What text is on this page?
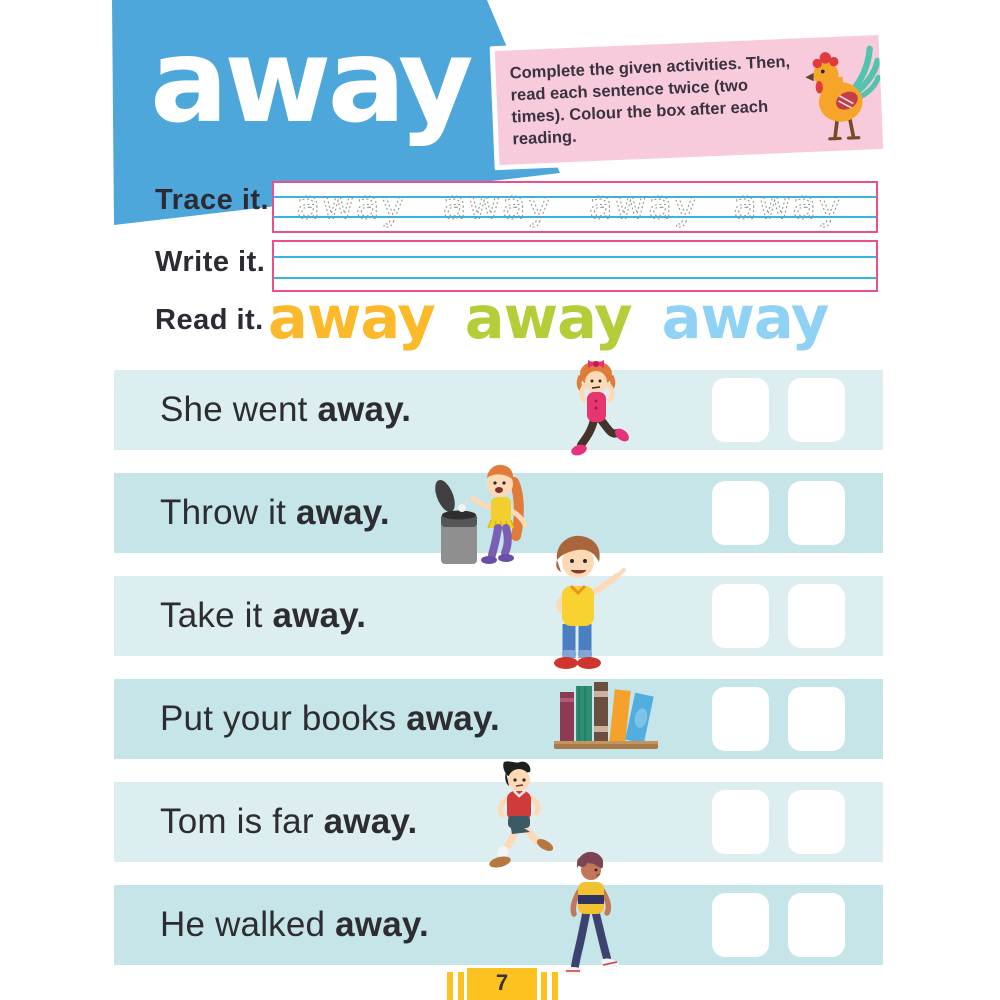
away	Complete the given activities. Then, read each sentence twice (two times). Colour the box after each reading.
Trace it. away away away away
Write it.
Read it. away away away
She went away.
Throw it away.
Take it away.
Put your books away.
Tom is far away.
He walked away.
7
